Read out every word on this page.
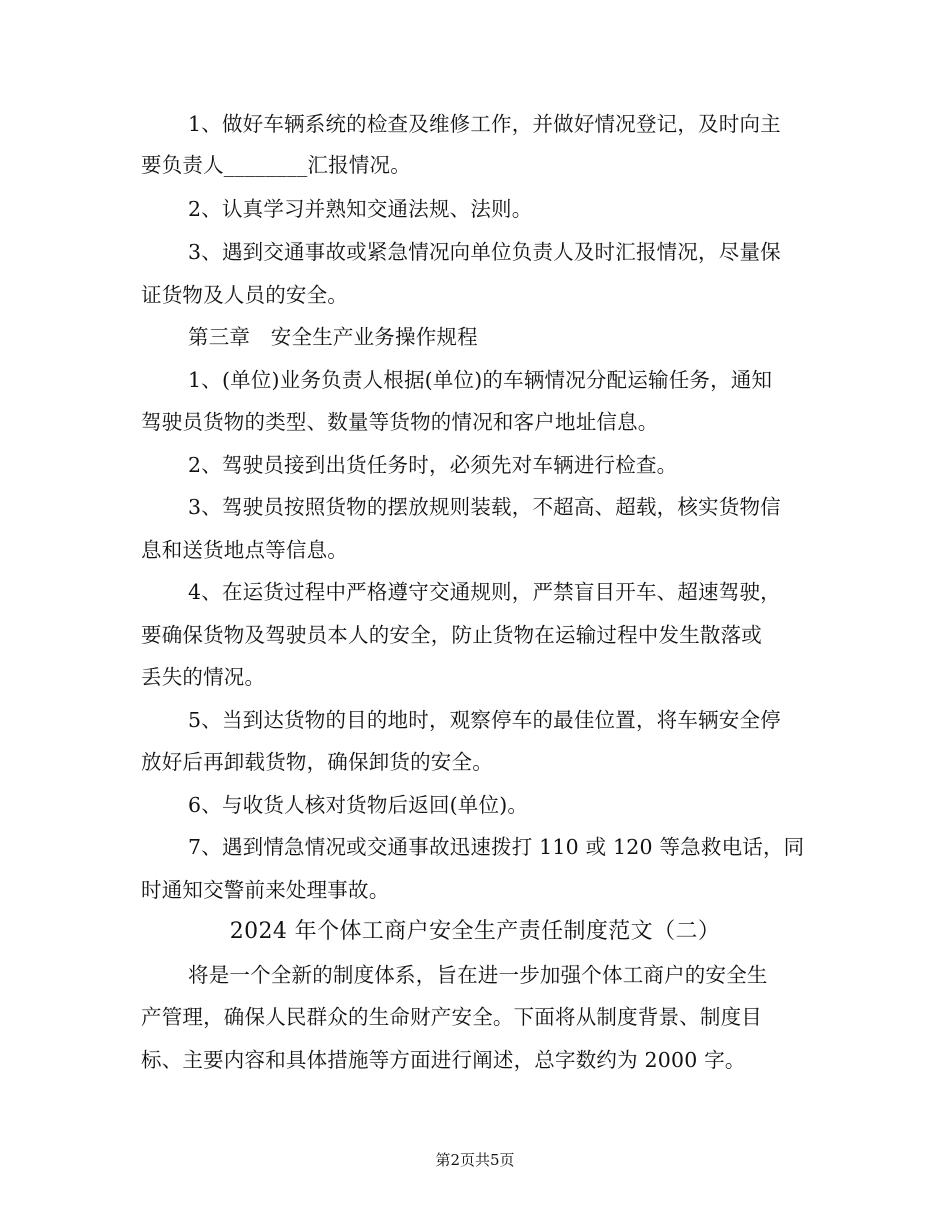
1、做好车辆系统的检查及维修工作，并做好情况登记，及时向主
要负责人________汇报情况。
2、认真学习并熟知交通法规、法则。
3、遇到交通事故或紧急情况向单位负责人及时汇报情况，尽量保
证货物及人员的安全。
第三章　安全生产业务操作规程
1、(单位)业务负责人根据(单位)的车辆情况分配运输任务，通知
驾驶员货物的类型、数量等货物的情况和客户地址信息。
2、驾驶员接到出货任务时，必须先对车辆进行检查。
3、驾驶员按照货物的摆放规则装载，不超高、超载，核实货物信
息和送货地点等信息。
4、在运货过程中严格遵守交通规则，严禁盲目开车、超速驾驶，
要确保货物及驾驶员本人的安全，防止货物在运输过程中发生散落或
丢失的情况。
5、当到达货物的目的地时，观察停车的最佳位置，将车辆安全停
放好后再卸载货物，确保卸货的安全。
6、与收货人核对货物后返回(单位)。
7、遇到情急情况或交通事故迅速拨打 110 或 120 等急救电话，同
时通知交警前来处理事故。
2024 年个体工商户安全生产责任制度范文（二）
将是一个全新的制度体系，旨在进一步加强个体工商户的安全生
产管理，确保人民群众的生命财产安全。下面将从制度背景、制度目
标、主要内容和具体措施等方面进行阐述，总字数约为 2000 字。
第2页共5页
